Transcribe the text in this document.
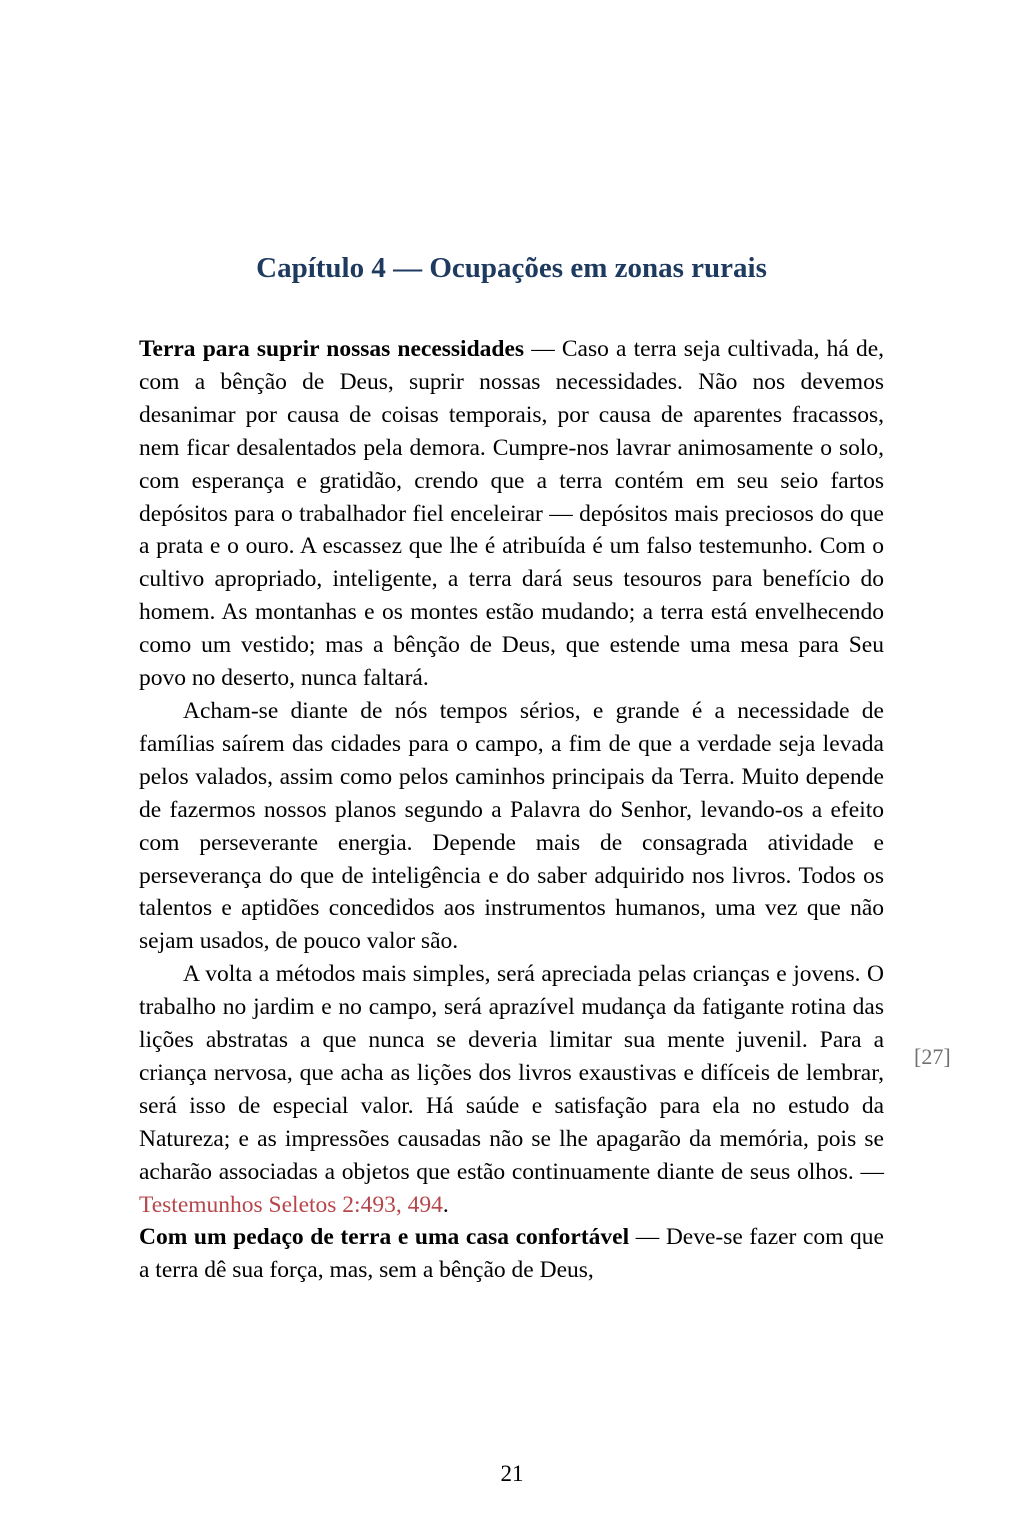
Capítulo 4 — Ocupações em zonas rurais

Terra para suprir nossas necessidades — Caso a terra seja cultivada, há de, com a bênção de Deus, suprir nossas necessidades. Não nos devemos desanimar por causa de coisas temporais, por causa de aparentes fracassos, nem ficar desalentados pela demora. Cumpre-nos lavrar animosamente o solo, com esperança e gratidão, crendo que a terra contém em seu seio fartos depósitos para o trabalhador fiel enceleirar — depósitos mais preciosos do que a prata e o ouro. A escassez que lhe é atribuída é um falso testemunho. Com o cultivo apropriado, inteligente, a terra dará seus tesouros para benefício do homem. As montanhas e os montes estão mudando; a terra está envelhecendo como um vestido; mas a bênção de Deus, que estende uma mesa para Seu povo no deserto, nunca faltará.

Acham-se diante de nós tempos sérios, e grande é a necessidade de famílias saírem das cidades para o campo, a fim de que a verdade seja levada pelos valados, assim como pelos caminhos principais da Terra. Muito depende de fazermos nossos planos segundo a Palavra do Senhor, levando-os a efeito com perseverante energia. Depende mais de consagrada atividade e perseverança do que de inteligência e do saber adquirido nos livros. Todos os talentos e aptidões concedidos aos instrumentos humanos, uma vez que não sejam usados, de pouco valor são.

A volta a métodos mais simples, será apreciada pelas crianças e jovens. O trabalho no jardim e no campo, será aprazível mudança da fatigante rotina das lições abstratas a que nunca se deveria limitar sua mente juvenil. Para a criança nervosa, que acha as lições dos livros exaustivas e difíceis de lembrar, será isso de especial valor. Há saúde e satisfação para ela no estudo da Natureza; e as impressões causadas não se lhe apagarão da memória, pois se acharão associadas a objetos que estão continuamente diante de seus olhos. — Testemunhos Seletos 2:493, 494.

Com um pedaço de terra e uma casa confortável — Deve-se fazer com que a terra dê sua força, mas, sem a bênção de Deus,

[27]
21
